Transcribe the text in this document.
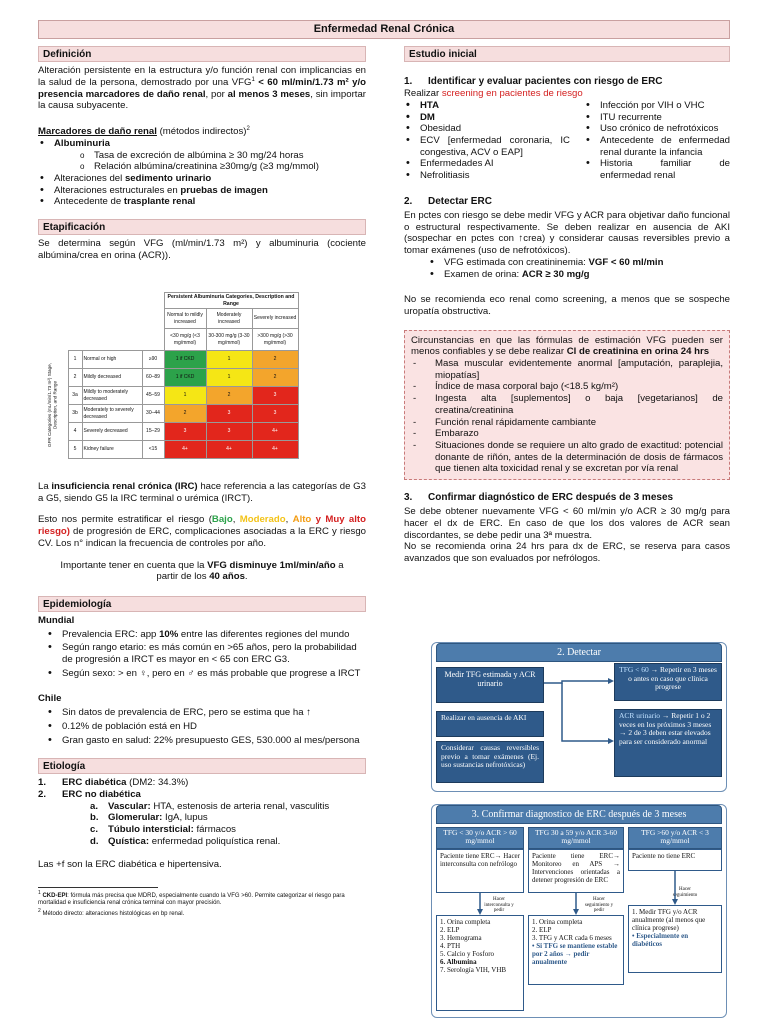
Enfermedad Renal Crónica
Definición

Alteración persistente en la estructura y/o función renal con implicancias en la salud de la persona, demostrado por una $VFG^1 < 60$ ml/min/1.73 m² y/o presencia marcadores de daño renal, por al menos 3 meses, sin importar la causa subyacente.

Marcadores de daño renal (métodos indirectos)$^2$

• Albuminuria
o Tasa de excreción de albúmina ≥ 30 mg/24 horas
o Relación albúmina/creatinina ≥30mg/g (≥3 mg/mmol)
• Alteraciones del sedimento urinario
• Alteraciones estructurales en pruebas de imagen
• Antecedente de trasplante renal
Etapificación

Se determina según VFG (ml/min/1.73 m²) y albuminuria (cociente albúmina/crea en orina (ACR)).

				Persistent Albuminuria Categories, Description and Range		
				Normal to mildly increased	Moderately increased	Severely increased
				<30 mg/g (<3 mg/mmol)	30-300 mg/g (3-30 mg/mmol)	>300 mg/g (>30 mg/mmol)

GFR Categories (mL/min/1.73 m²) Stage, Description, and Range	1	Normal or high	≥90	1 if CKD	1	2
	2	Mildly decreased	60–89	1 if CKD	1	2
	3a	Mildly to moderately decreased	45–59	1	2	3
	3b	Moderately to severely decreased	30–44	2	3	3
	4	Severely decreased	15–29	3	3	4+
	5	Kidney failure	<15	4+	4+	4+

La insuficiencia renal crónica (IRC) hace referencia a las categorías de G3 a G5, siendo G5 la IRC terminal o urémica (IRCT).

Esto nos permite estratificar el riesgo (Bajo, Moderado, Alto y Muy alto riesgo) de progresión de ERC, complicaciones asociadas a la ERC y riesgo CV. Los n° indican la frecuencia de controles por año.

Importante tener en cuenta que la VFG disminuye 1ml/min/año a partir de los 40 años.

Epidemiología

Mundial

• Prevalencia ERC: app 10% entre las diferentes regiones del mundo
• Según rango etario: es más común en >65 años, pero la probabilidad de progresión a IRCT es mayor en < 65 con ERC G3.
• Según sexo: > en ♀, pero en ♂ es más probable que progrese a IRCT

Chile

• Sin datos de prevalencia de ERC, pero se estima que ha ↑
• 0.12% de población está en HD
• Gran gasto en salud: 22% presupuesto GES, 530.000 al mes/persona
Etiología

1. ERC diabética (DM2: 34.3%)

2. ERC no diabética

a. Vascular: HTA, estenosis de arteria renal, vasculitis

b. Glomerular: IgA, lupus

c. Túbulo intersticial: fármacos

d. Quística: enfermedad poliquística renal.

Las +f son la ERC diabética e hipertensiva.

$^1$ CKD-EPI: fórmula más precisa que MDRD, especialmente cuando la VFG >60. Permite categorizar el riesgo para mortalidad e insuficiencia renal crónica terminal con mayor precisión.

$^2$ Método directo: alteraciones histológicas en bp renal.

Estudio inicial

1. Identificar y evaluar pacientes con riesgo de ERC

Realizar screening en pacientes de riesgo

• HTA
• DM
• Obesidad
• ECV [enfermedad coronaria, IC congestiva, ACV o EAP]
• Enfermedades AI
• Nefrolitiasis
• Infección por VIH o VHC
• ITU recurrente
• Uso crónico de nefrotóxicos
• Antecedente de enfermedad renal durante la infancia
• Historia familiar de enfermedad renal

2. Detectar ERC

En pctes con riesgo se debe medir VFG y ACR para objetivar daño funcional o estructural respectivamente. Se deben realizar en ausencia de AKI (sospechar en pctes con ↑crea) y considerar causas reversibles previo a tomar exámenes (uso de nefrotóxicos).

• VFG estimada con creatininemia: VGF < 60 ml/min
• Examen de orina: ACR ≥ 30 mg/g

No se recomienda eco renal como screening, a menos que se sospeche uropatía obstructiva.

Circunstancias en que las fórmulas de estimación VFG pueden ser menos confiables y se debe realizar Cl de creatinina en orina 24 hrs

- Masa muscular evidentemente anormal [amputación, paraplejia, miopatías]
- Índice de masa corporal bajo (<18.5 kg/m²)
- Ingesta alta [suplementos] o baja [vegetarianos] de creatina/creatinina
- Función renal rápidamente cambiante
- Embarazo
- Situaciones donde se requiere un alto grado de exactitud: potencial donante de riñón, antes de la determinación de dosis de fármacos que tienen alta toxicidad renal y se excretan por vía renal

3. Confirmar diagnóstico de ERC después de 3 meses

Se debe obtener nuevamente VFG < 60 ml/min y/o ACR ≥ 30 mg/g para hacer el dx de ERC. En caso de que los dos valores de ACR sean discordantes, se debe pedir una 3ª muestra.

No se recomienda orina 24 hrs para dx de ERC, se reserva para casos avanzados que son evaluados por nefrólogos.

2. Detectar
Medir TFG estimada y ACR urinario
Realizar en ausencia de AKI
Considerar causas reversibles previo a tomar exámenes (Ej. uso sustancias nefrotóxicas)
TFG < 60 → Repetir en 3 meses o antes en caso que clínica progrese
ACR urinario → Repetir 1 o 2 veces en los próximos 3 meses → 2 de 3 deben estar elevados para ser considerado anormal
3. Confirmar diagnostico de ERC después de 3 meses
TFG < 30 y/o ACR > 60 mg/mmol
TFG 30 a 59 y/o ACR 3-60 mg/mmol
TFG >60 y/o ACR < 3 mg/mmol
Paciente tiene ERC→ Hacer interconsulta con nefrólogo
Paciente tiene ERC→ Monitoreo en APS → Intervenciones orientadas a detener progresión de ERC
Paciente no tiene ERC
Hacer interconsulta y pedir
Hacer seguimiento y pedir
Hacer seguimiento
1. Orina completa
2. ELP
3. Hemograma
4. PTH
5. Calcio y Fosforo
6. Albumina
7. Serología VIH, VHB
1. Orina completa
2. ELP
3. TFG y ACR cada 6 meses
• Si TFG se mantiene estable por 2 años → pedir anualmente
1. Medir TFG y/o ACR anualmente (al menos que clínica progrese)
• Especialmente en diabéticos
